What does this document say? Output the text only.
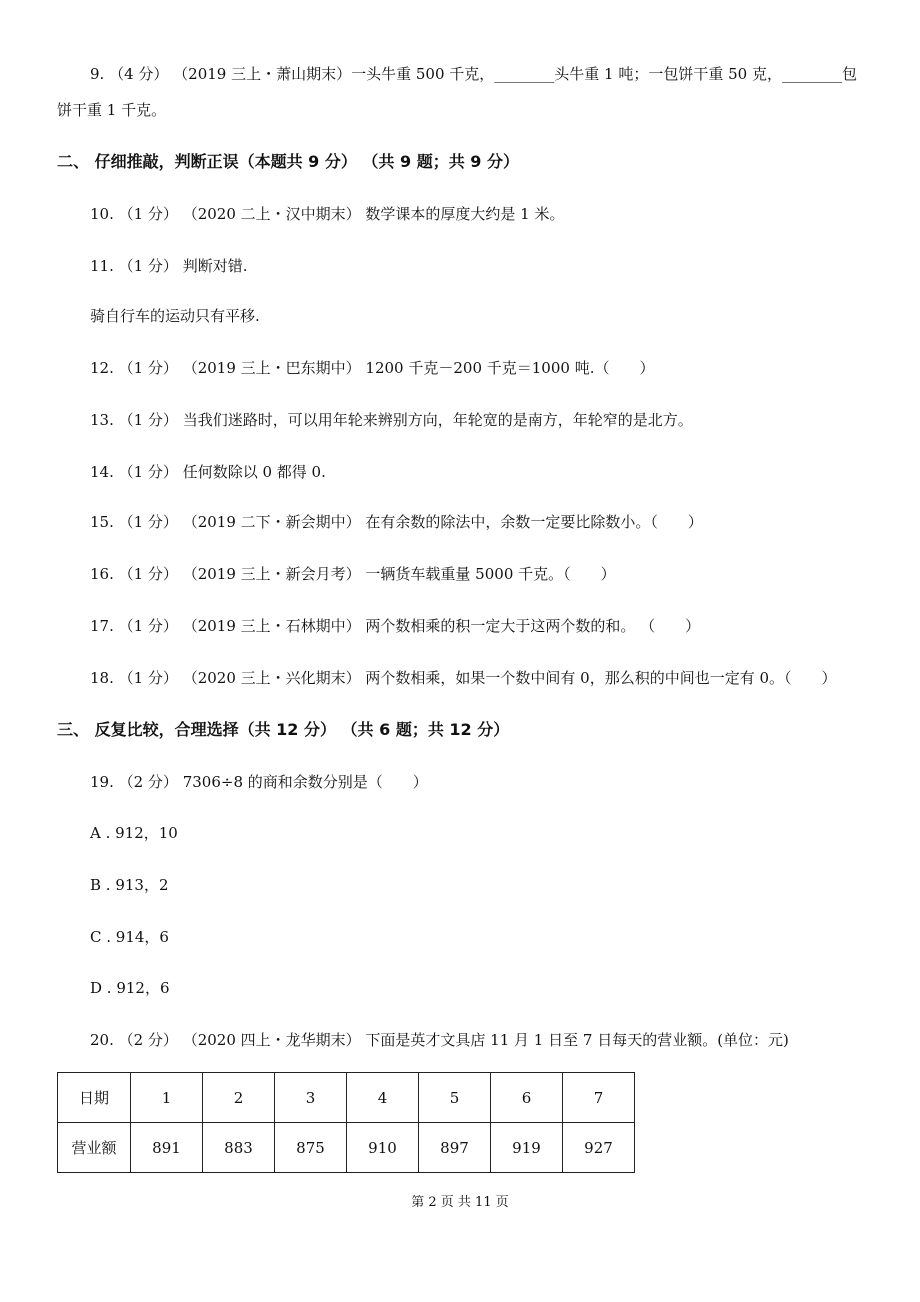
9. （4 分） （2019 三上・萧山期末）一头牛重 500 千克，________头牛重 1 吨；一包饼干重 50 克，________包
饼干重 1 千克。
二、 仔细推敲，判断正误（本题共 9 分） （共 9 题；共 9 分）
10. （1 分） （2020 二上・汉中期末） 数学课本的厚度大约是 1 米。
11. （1 分） 判断对错.
骑自行车的运动只有平移.
12. （1 分） （2019 三上・巴东期中） 1200 千克－200 千克＝1000 吨.（　　）
13. （1 分） 当我们迷路时，可以用年轮来辨别方向，年轮宽的是南方，年轮窄的是北方。
14. （1 分） 任何数除以 0 都得 0.
15. （1 分） （2019 二下・新会期中） 在有余数的除法中，余数一定要比除数小。（　　）
16. （1 分） （2019 三上・新会月考） 一辆货车载重量 5000 千克。（　　）
17. （1 分） （2019 三上・石林期中） 两个数相乘的积一定大于这两个数的和。 （　　）
18. （1 分） （2020 三上・兴化期末） 两个数相乘，如果一个数中间有 0，那么积的中间也一定有 0。（　　）
三、 反复比较，合理选择（共 12 分） （共 6 题；共 12 分）
19. （2 分） 7306÷8 的商和余数分别是（　　）
A . 912，10
B . 913，2
C . 914，6
D . 912，6
20. （2 分） （2020 四上・龙华期末） 下面是英才文具店 11 月 1 日至 7 日每天的营业额。(单位：元)
日期	1	2	3	4	5	6	7
营业额	891	883	875	910	897	919	927
第 2 页 共 11 页
